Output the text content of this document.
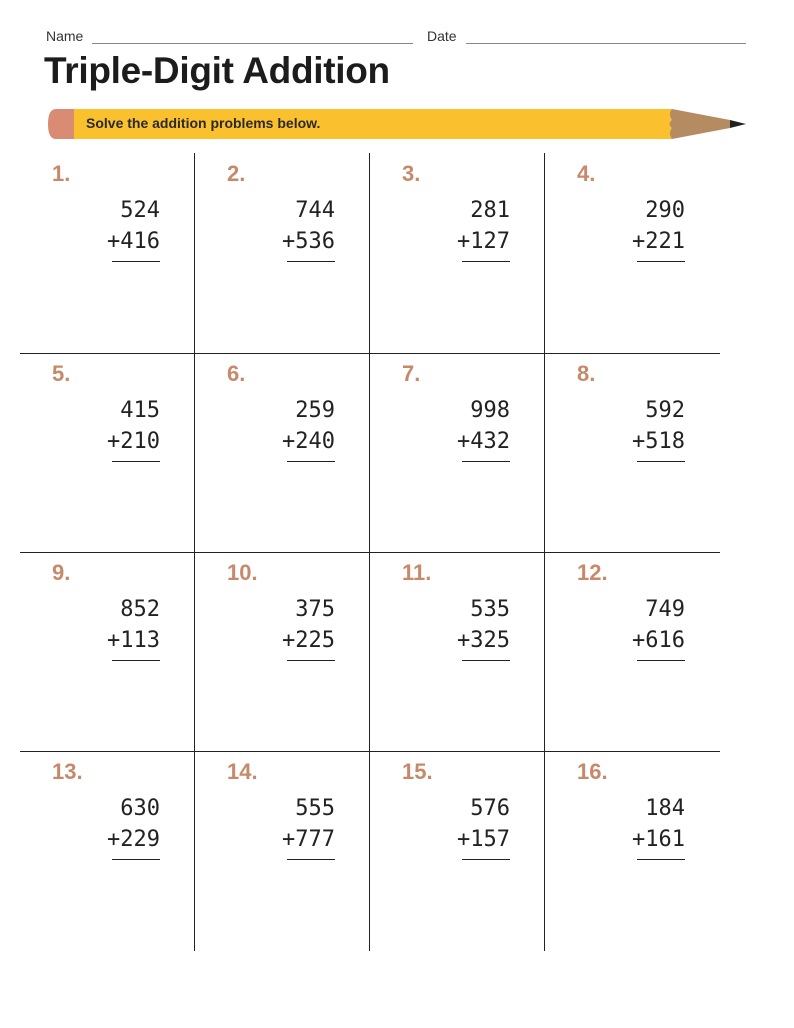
Name	Date
Triple-Digit Addition
Solve the addition problems below.
1.
524
+416
2.
744
+536
3.
281
+127
4.
290
+221
5.
415
+210
6.
259
+240
7.
998
+432
8.
592
+518
9.
852
+113
10.
375
+225
11.
535
+325
12.
749
+616
13.
630
+229
14.
555
+777
15.
576
+157
16.
184
+161
